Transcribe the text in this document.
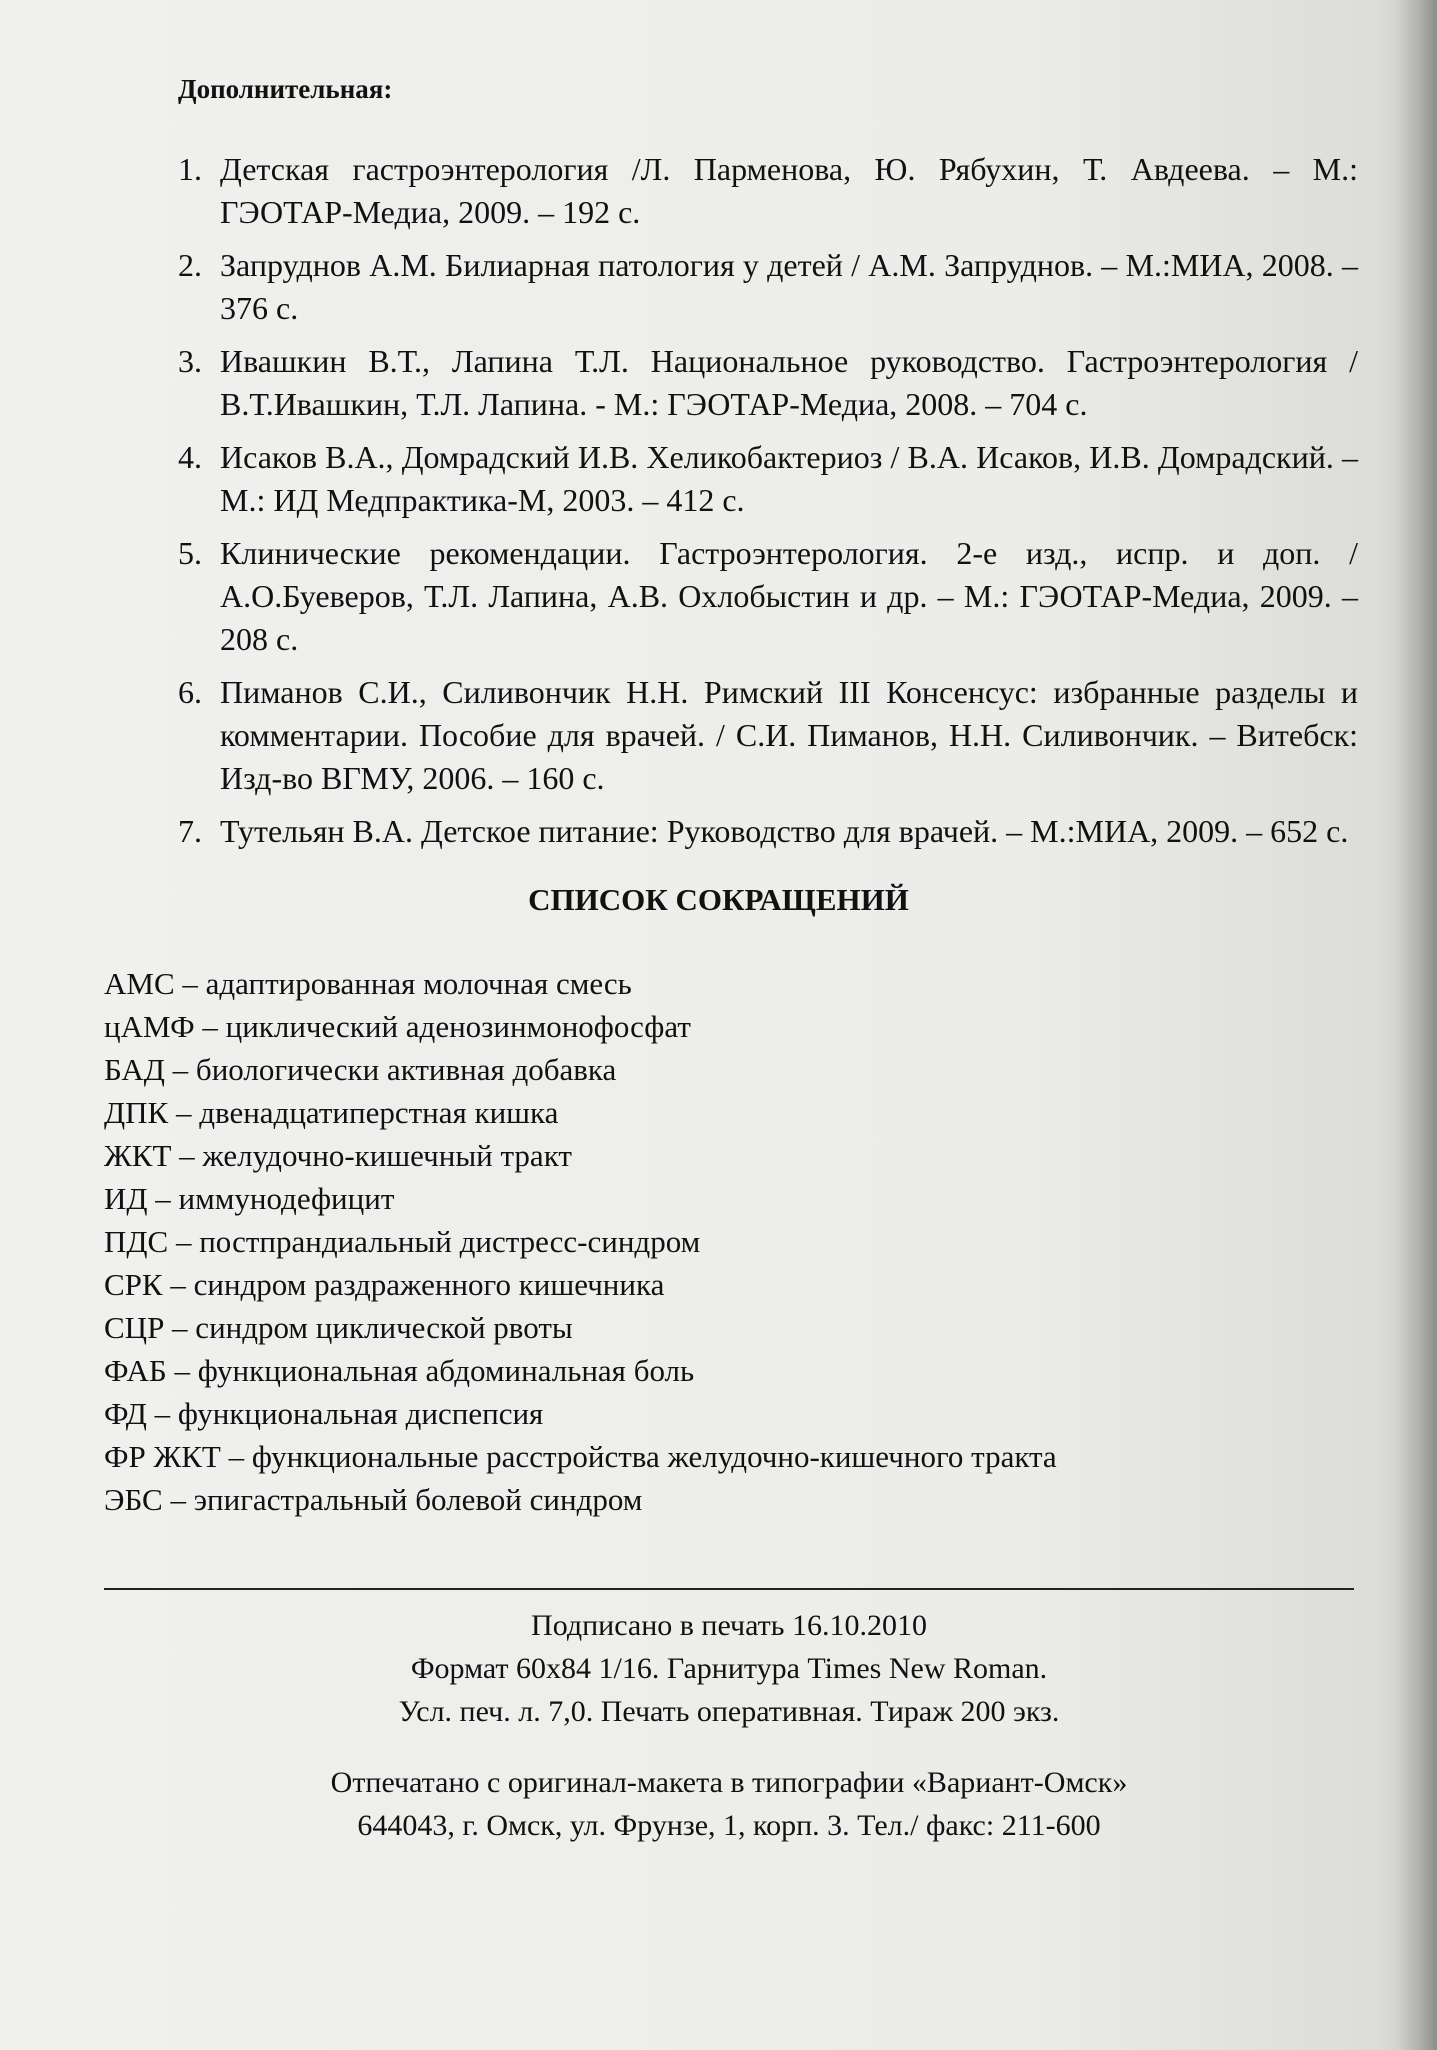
Дополнительная:
1. Детская гастроэнтерология /Л. Парменова, Ю. Рябухин, Т. Авдеева. – М.: ГЭОТАР-Медиа, 2009. – 192 с.
2. Запруднов А.М. Билиарная патология у детей / А.М. Запруднов. – М.:МИА, 2008. – 376 с.
3. Ивашкин В.Т., Лапина Т.Л. Национальное руководство. Гастроэнтерология /В.Т.Ивашкин, Т.Л. Лапина. - М.: ГЭОТАР-Медиа, 2008. – 704 с.
4. Исаков В.А., Домрадский И.В. Хеликобактериоз / В.А. Исаков, И.В. Домрадский. – М.: ИД Медпрактика-М, 2003. – 412 с.
5. Клинические рекомендации. Гастроэнтерология. 2-е изд., испр. и доп. / А.О.Буеверов, Т.Л. Лапина, А.В. Охлобыстин и др. – М.: ГЭОТАР-Медиа, 2009. – 208 с.
6. Пиманов С.И., Силивончик Н.Н. Римский III Консенсус: избранные разделы и комментарии. Пособие для врачей. / С.И. Пиманов, Н.Н. Силивончик. – Витебск: Изд-во ВГМУ, 2006. – 160 с.
7. Тутельян В.А. Детское питание: Руководство для врачей. – М.:МИА, 2009. – 652 с.
СПИСОК СОКРАЩЕНИЙ
АМС – адаптированная молочная смесь
цАМФ – циклический аденозинмонофосфат
БАД – биологически активная добавка
ДПК – двенадцатиперстная кишка
ЖКТ – желудочно-кишечный тракт
ИД – иммунодефицит
ПДС – постпрандиальный дистресс-синдром
СРК – синдром раздраженного кишечника
СЦР – синдром циклической рвоты
ФАБ – функциональная абдоминальная боль
ФД – функциональная диспепсия
ФР ЖКТ – функциональные расстройства желудочно-кишечного тракта
ЭБС – эпигастральный болевой синдром
Подписано в печать 16.10.2010
Формат 60х84 1/16. Гарнитура Times New Roman.
Усл. печ. л. 7,0. Печать оперативная. Тираж 200 экз.
Отпечатано с оригинал-макета в типографии «Вариант-Омск»
644043, г. Омск, ул. Фрунзе, 1, корп. 3. Тел./ факс: 211-600
